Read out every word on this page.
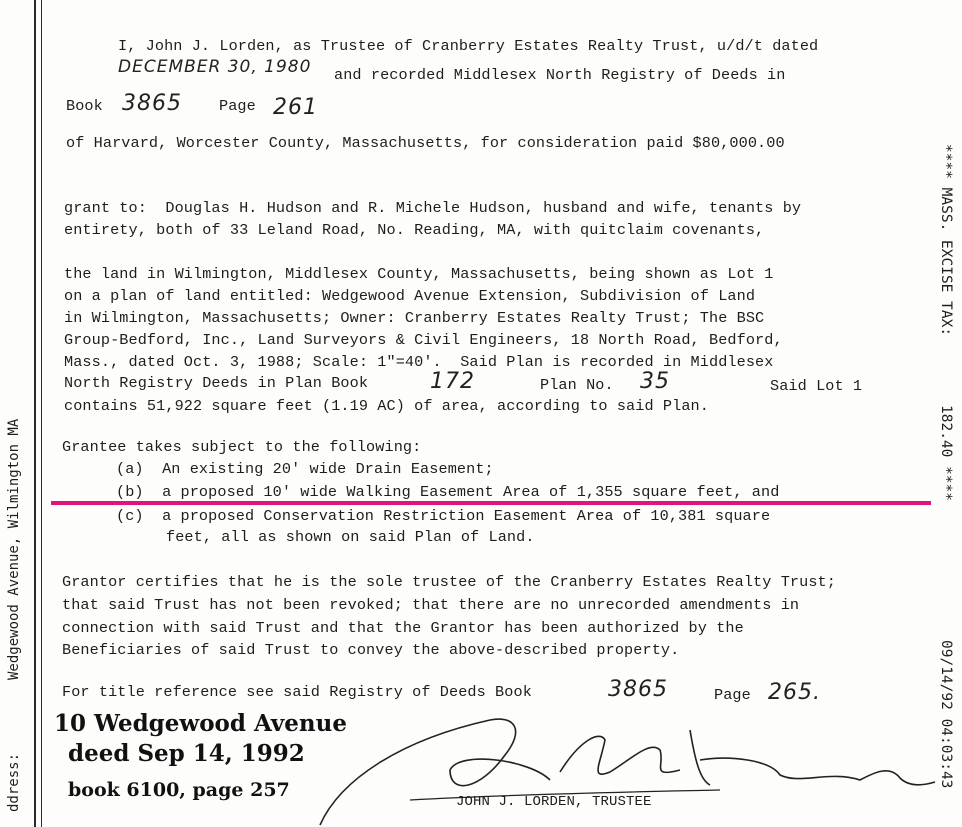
ddress:
Wedgewood Avenue, Wilmington MA
**** MASS. EXCISE TAX:
182.40 ****
09/14/92 04:03:43
I, John J. Lorden, as Trustee of Cranberry Estates Realty Trust, u/d/t dated
DECEMBER 30, 1980 and recorded Middlesex North Registry of Deeds in
Book 3865 Page 261
of Harvard, Worcester County, Massachusetts, for consideration paid $80,000.00
grant to:  Douglas H. Hudson and R. Michele Hudson, husband and wife, tenants by
entirety, both of 33 Leland Road, No. Reading, MA, with quitclaim covenants,
the land in Wilmington, Middlesex County, Massachusetts, being shown as Lot 1
on a plan of land entitled: Wedgewood Avenue Extension, Subdivision of Land
in Wilmington, Massachusetts; Owner: Cranberry Estates Realty Trust; The BSC
Group-Bedford, Inc., Land Surveyors & Civil Engineers, 18 North Road, Bedford,
Mass., dated Oct. 3, 1988; Scale: 1"=40'.  Said Plan is recorded in Middlesex
North Registry Deeds in Plan Book	172	Plan No. 35	Said Lot 1
contains 51,922 square feet (1.19 AC) of area, according to said Plan.
Grantee takes subject to the following:
(a)  An existing 20' wide Drain Easement;
(b)  a proposed 10' wide Walking Easement Area of 1,355 square feet, and
(c)  a proposed Conservation Restriction Easement Area of 10,381 square
feet, all as shown on said Plan of Land.
Grantor certifies that he is the sole trustee of the Cranberry Estates Realty Trust;
that said Trust has not been revoked; that there are no unrecorded amendments in
connection with said Trust and that the Grantor has been authorized by the
Beneficiaries of said Trust to convey the above-described property.
For title reference see said Registry of Deeds Book	3865	Page 265.
JOHN J. LORDEN, TRUSTEE
10 Wedgewood Avenue
deed Sep 14, 1992
book 6100, page 257
